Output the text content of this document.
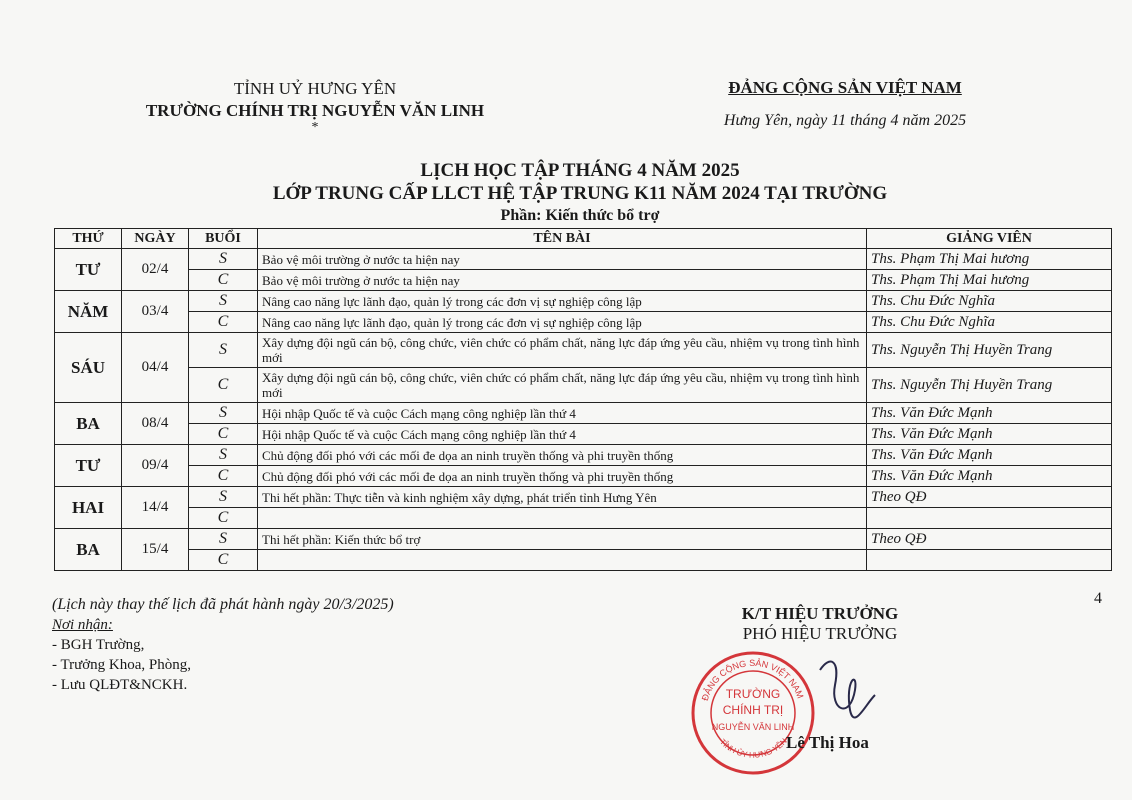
TỈNH UỶ HƯNG YÊN
TRƯỜNG CHÍNH TRỊ NGUYỄN VĂN LINH
*
ĐẢNG CỘNG SẢN VIỆT NAM
Hưng Yên, ngày 11 tháng 4 năm 2025
LỊCH HỌC TẬP THÁNG 4 NĂM 2025
LỚP TRUNG CẤP LLCT HỆ TẬP TRUNG K11 NĂM 2024 TẠI TRƯỜNG
Phần: Kiến thức bổ trợ
THỨ	NGÀY	BUỔI	TÊN BÀI	GIẢNG VIÊN
TƯ	02/4	S	Bảo vệ môi trường ở nước ta hiện nay	Ths. Phạm Thị Mai hương
		C	Bảo vệ môi trường ở nước ta hiện nay	Ths. Phạm Thị Mai hương
NĂM	03/4	S	Nâng cao năng lực lãnh đạo, quản lý trong các đơn vị sự nghiệp công lập	Ths. Chu Đức Nghĩa
		C	Nâng cao năng lực lãnh đạo, quản lý trong các đơn vị sự nghiệp công lập	Ths. Chu Đức Nghĩa
SÁU	04/4	S	Xây dựng đội ngũ cán bộ, công chức, viên chức có phẩm chất, năng lực đáp ứng yêu cầu, nhiệm vụ trong tình hình mới	Ths. Nguyễn Thị Huyền Trang
		C	Xây dựng đội ngũ cán bộ, công chức, viên chức có phẩm chất, năng lực đáp ứng yêu cầu, nhiệm vụ trong tình hình mới	Ths. Nguyễn Thị Huyền Trang
BA	08/4	S	Hội nhập Quốc tế và cuộc Cách mạng công nghiệp lần thứ 4	Ths. Văn Đức Mạnh
		C	Hội nhập Quốc tế và cuộc Cách mạng công nghiệp lần thứ 4	Ths. Văn Đức Mạnh
TƯ	09/4	S	Chủ động đối phó với các mối đe dọa an ninh truyền thống và phi truyền thống	Ths. Văn Đức Mạnh
		C	Chủ động đối phó với các mối đe dọa an ninh truyền thống và phi truyền thống	Ths. Văn Đức Mạnh
HAI	14/4	S	Thi hết phần: Thực tiễn và kinh nghiệm xây dựng, phát triển tỉnh Hưng Yên	Theo QĐ
		C		
BA	15/4	S	Thi hết phần: Kiến thức bổ trợ	Theo QĐ
		C		
(Lịch này thay thế lịch đã phát hành ngày 20/3/2025)
Nơi nhận:
- BGH Trường,
- Trưởng Khoa, Phòng,
- Lưu QLĐT&NCKH.
K/T HIỆU TRƯỞNG
PHÓ HIỆU TRƯỞNG
TRƯỜNG
CHÍNH TRỊ
NGUYỄN VĂN LINH
ĐẢNG CỘNG SẢN VIỆT NAM
TỈNH ỦY HƯNG YÊN
Lê Thị Hoa
4
